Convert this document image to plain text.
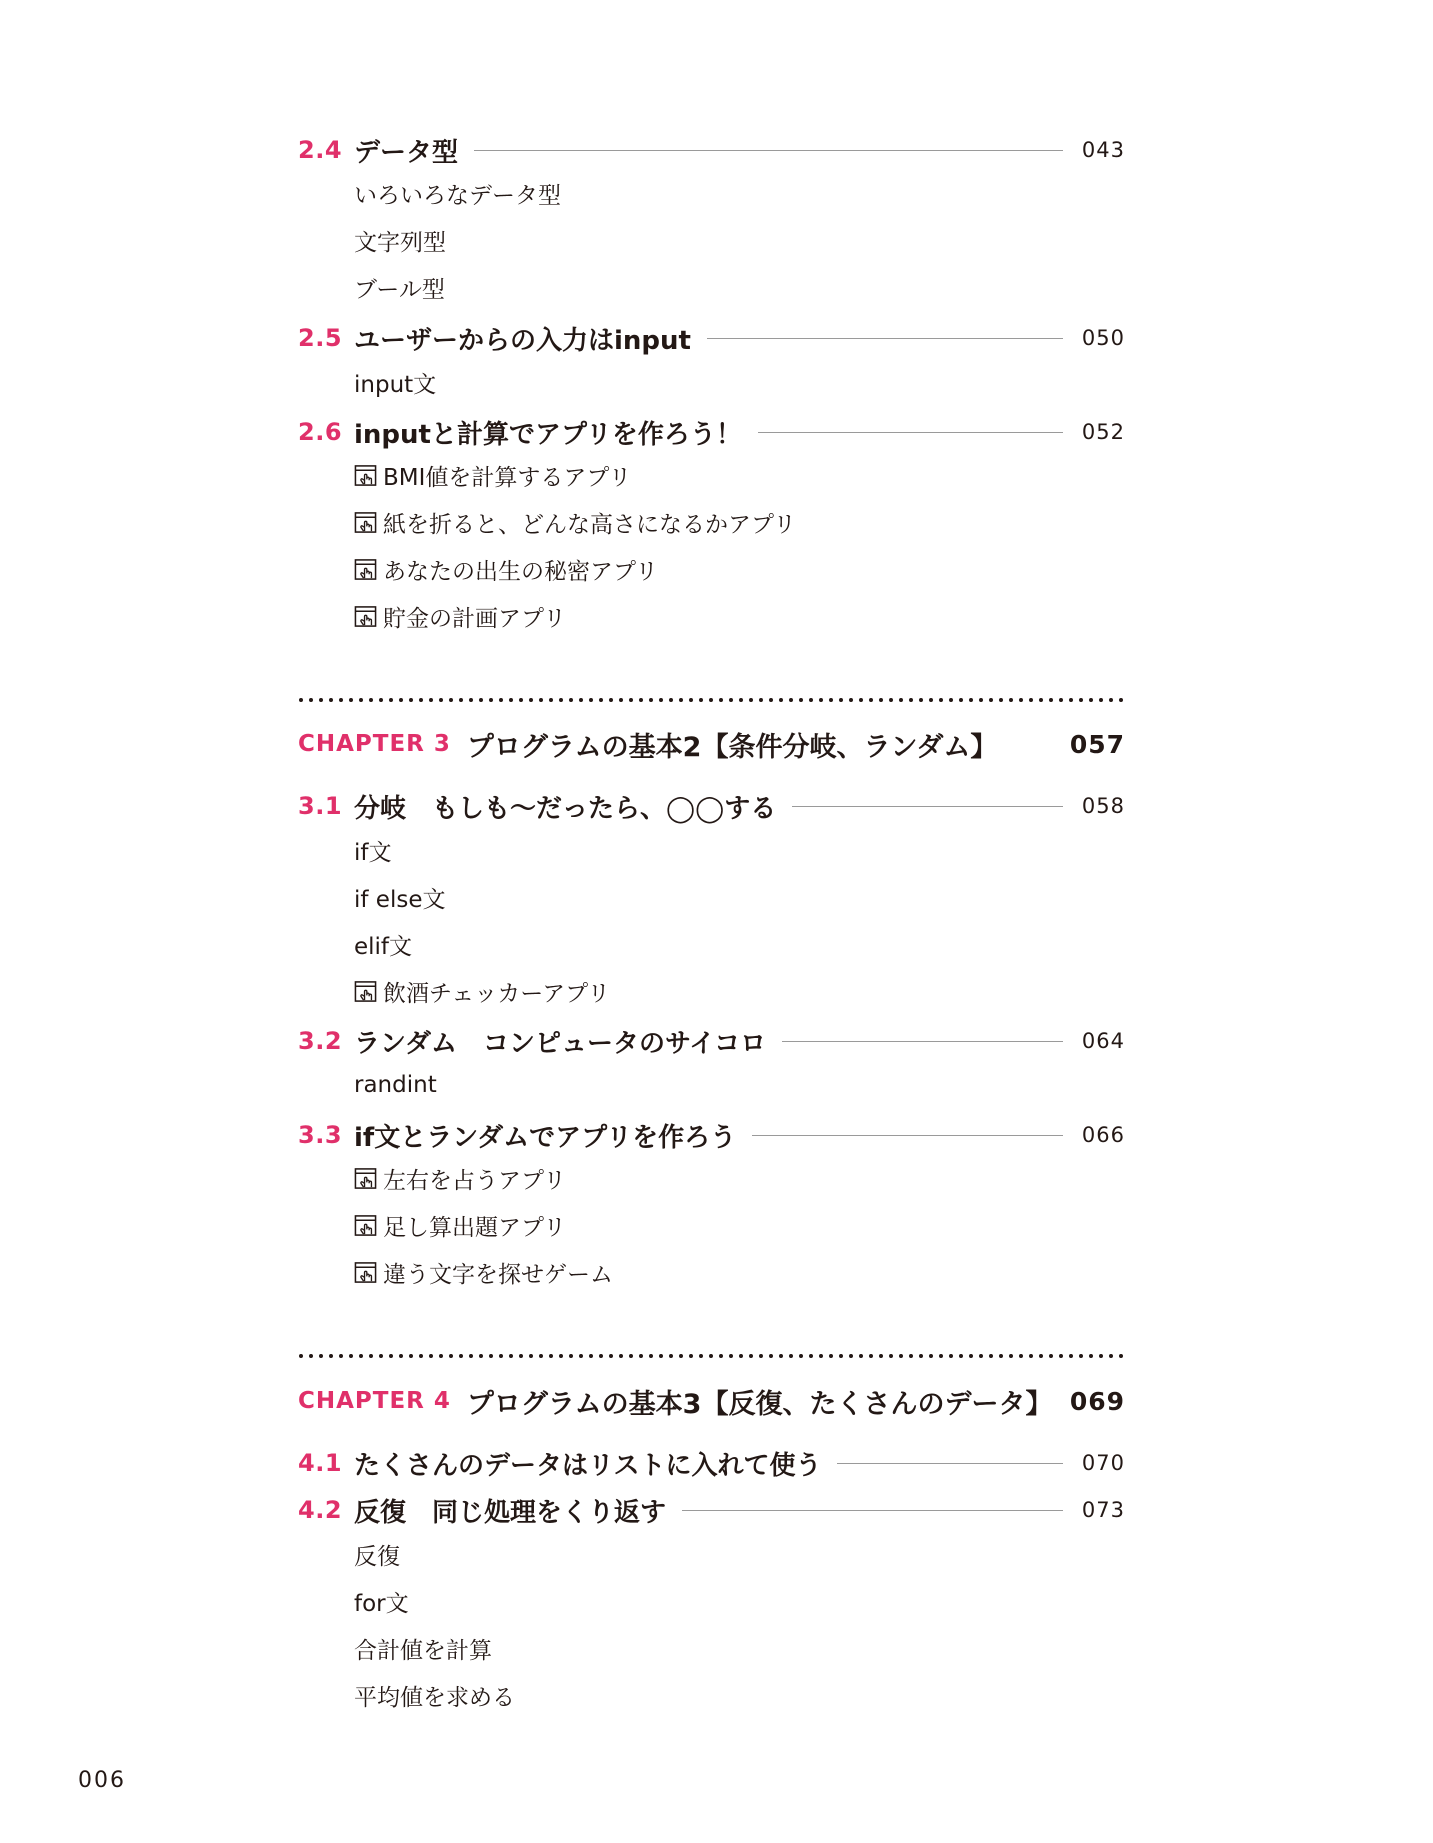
2.4 データ型	043
いろいろなデータ型
文字列型
ブール型
2.5 ユーザーからの入力はinput	050
input文
2.6 inputと計算でアプリを作ろう！	052
BMI値を計算するアプリ
紙を折ると、どんな高さになるかアプリ
あなたの出生の秘密アプリ
貯金の計画アプリ
CHAPTER 3 プログラムの基本2【条件分岐、ランダム】	057
3.1 分岐　もしも〜だったら、◯◯する	058
if文
if else文
elif文
飲酒チェッカーアプリ
3.2 ランダム　コンピュータのサイコロ	064
randint
3.3 if文とランダムでアプリを作ろう	066
左右を占うアプリ
足し算出題アプリ
違う文字を探せゲーム
CHAPTER 4 プログラムの基本3【反復、たくさんのデータ】 069
4.1 たくさんのデータはリストに入れて使う	070
4.2 反復　同じ処理をくり返す	073
反復
for文
合計値を計算
平均値を求める
006
